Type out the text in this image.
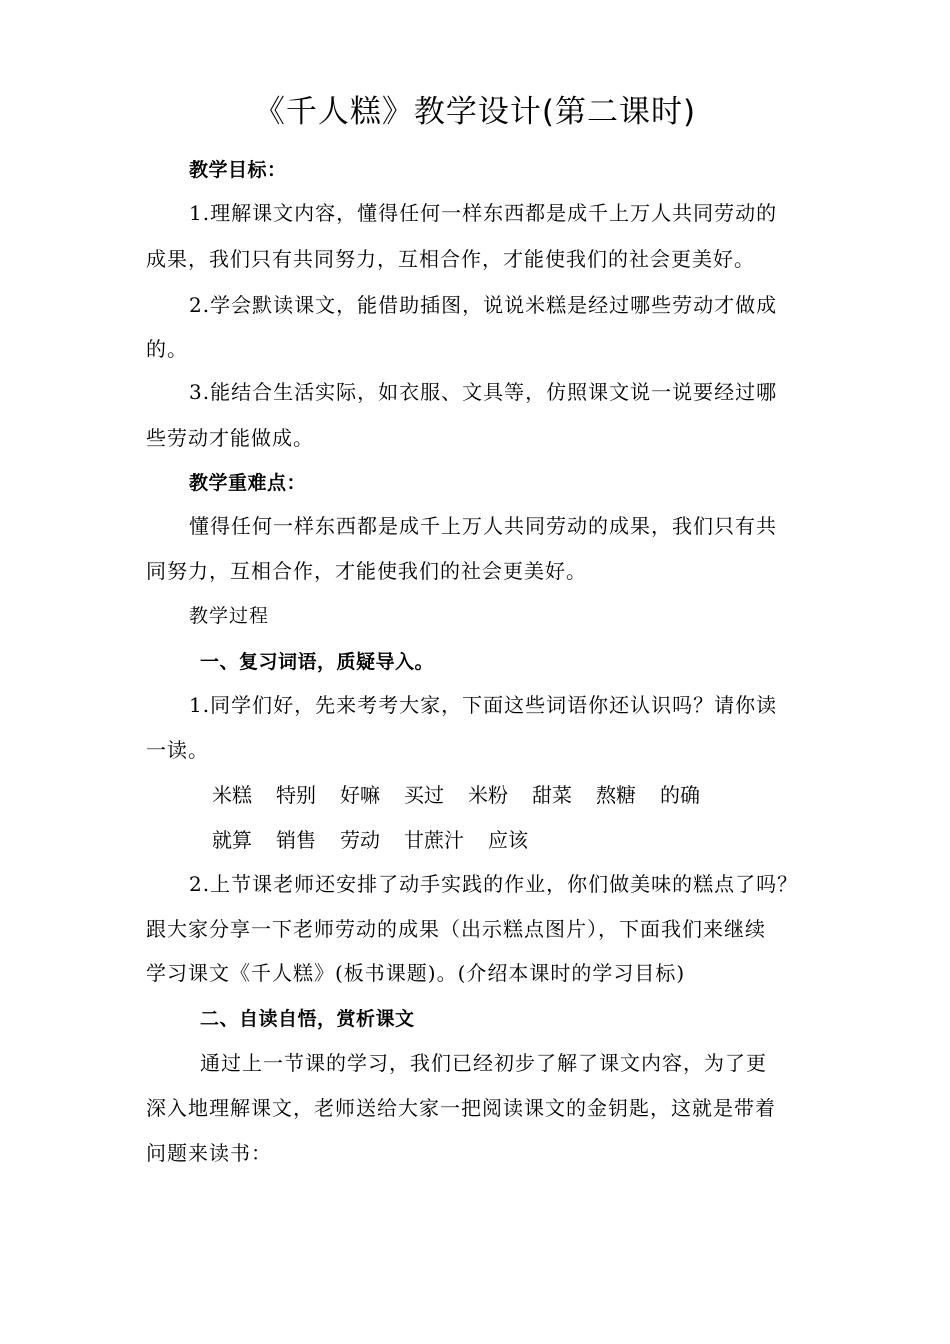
《千人糕》教学设计(第二课时)
教学目标：
1.理解课文内容，懂得任何一样东西都是成千上万人共同劳动的
成果，我们只有共同努力，互相合作，才能使我们的社会更美好。
2.学会默读课文，能借助插图，说说米糕是经过哪些劳动才做成
的。
3.能结合生活实际，如衣服、文具等，仿照课文说一说要经过哪
些劳动才能做成。
教学重难点：
懂得任何一样东西都是成千上万人共同劳动的成果，我们只有共
同努力，互相合作，才能使我们的社会更美好。
教学过程
一、复习词语，质疑导入。
1.同学们好，先来考考大家，下面这些词语你还认识吗？请你读
一读。
米糕 特别 好嘛 买过 米粉 甜菜 熬糖 的确
就算 销售 劳动 甘蔗汁 应该
2.上节课老师还安排了动手实践的作业，你们做美味的糕点了吗？
跟大家分享一下老师劳动的成果（出示糕点图片），下面我们来继续
学习课文《千人糕》(板书课题)。(介绍本课时的学习目标)
二、自读自悟，赏析课文
通过上一节课的学习，我们已经初步了解了课文内容，为了更
深入地理解课文，老师送给大家一把阅读课文的金钥匙，这就是带着
问题来读书：
